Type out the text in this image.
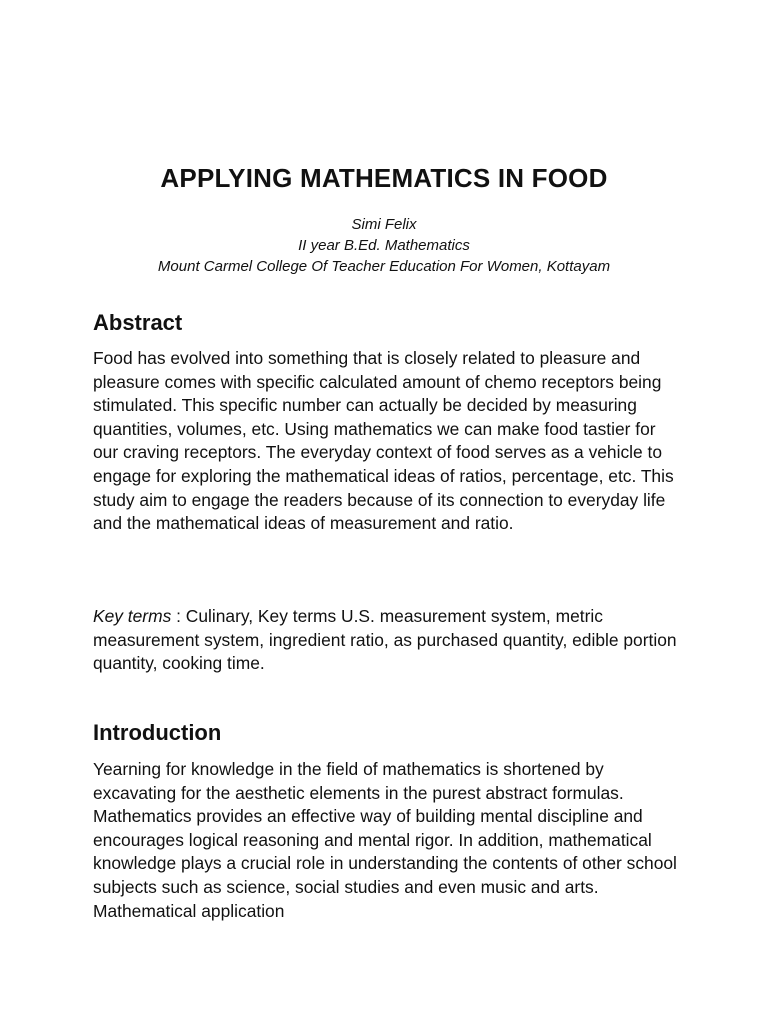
APPLYING MATHEMATICS IN FOOD
Simi Felix
II year B.Ed. Mathematics
Mount Carmel College Of Teacher Education For Women, Kottayam
Abstract

Food has evolved into something that is closely related to pleasure and pleasure comes with specific calculated amount of chemo receptors being stimulated. This specific number can actually be decided by measuring quantities, volumes, etc. Using mathematics we can make food tastier for our craving receptors. The everyday context of food serves as a vehicle to engage for exploring the mathematical ideas of ratios, percentage, etc. This study aim to engage the readers because of its connection to everyday life and the mathematical ideas of measurement and ratio.

Key terms : Culinary, Key terms U.S. measurement system, metric measurement system, ingredient ratio, as purchased quantity, edible portion quantity, cooking time.

Introduction

Yearning for knowledge in the field of mathematics is shortened by excavating for the aesthetic elements in the purest abstract formulas. Mathematics provides an effective way of building mental discipline and encourages logical reasoning and mental rigor. In addition, mathematical knowledge plays a crucial role in understanding the contents of other school subjects such as science, social studies and even music and arts. Mathematical application
